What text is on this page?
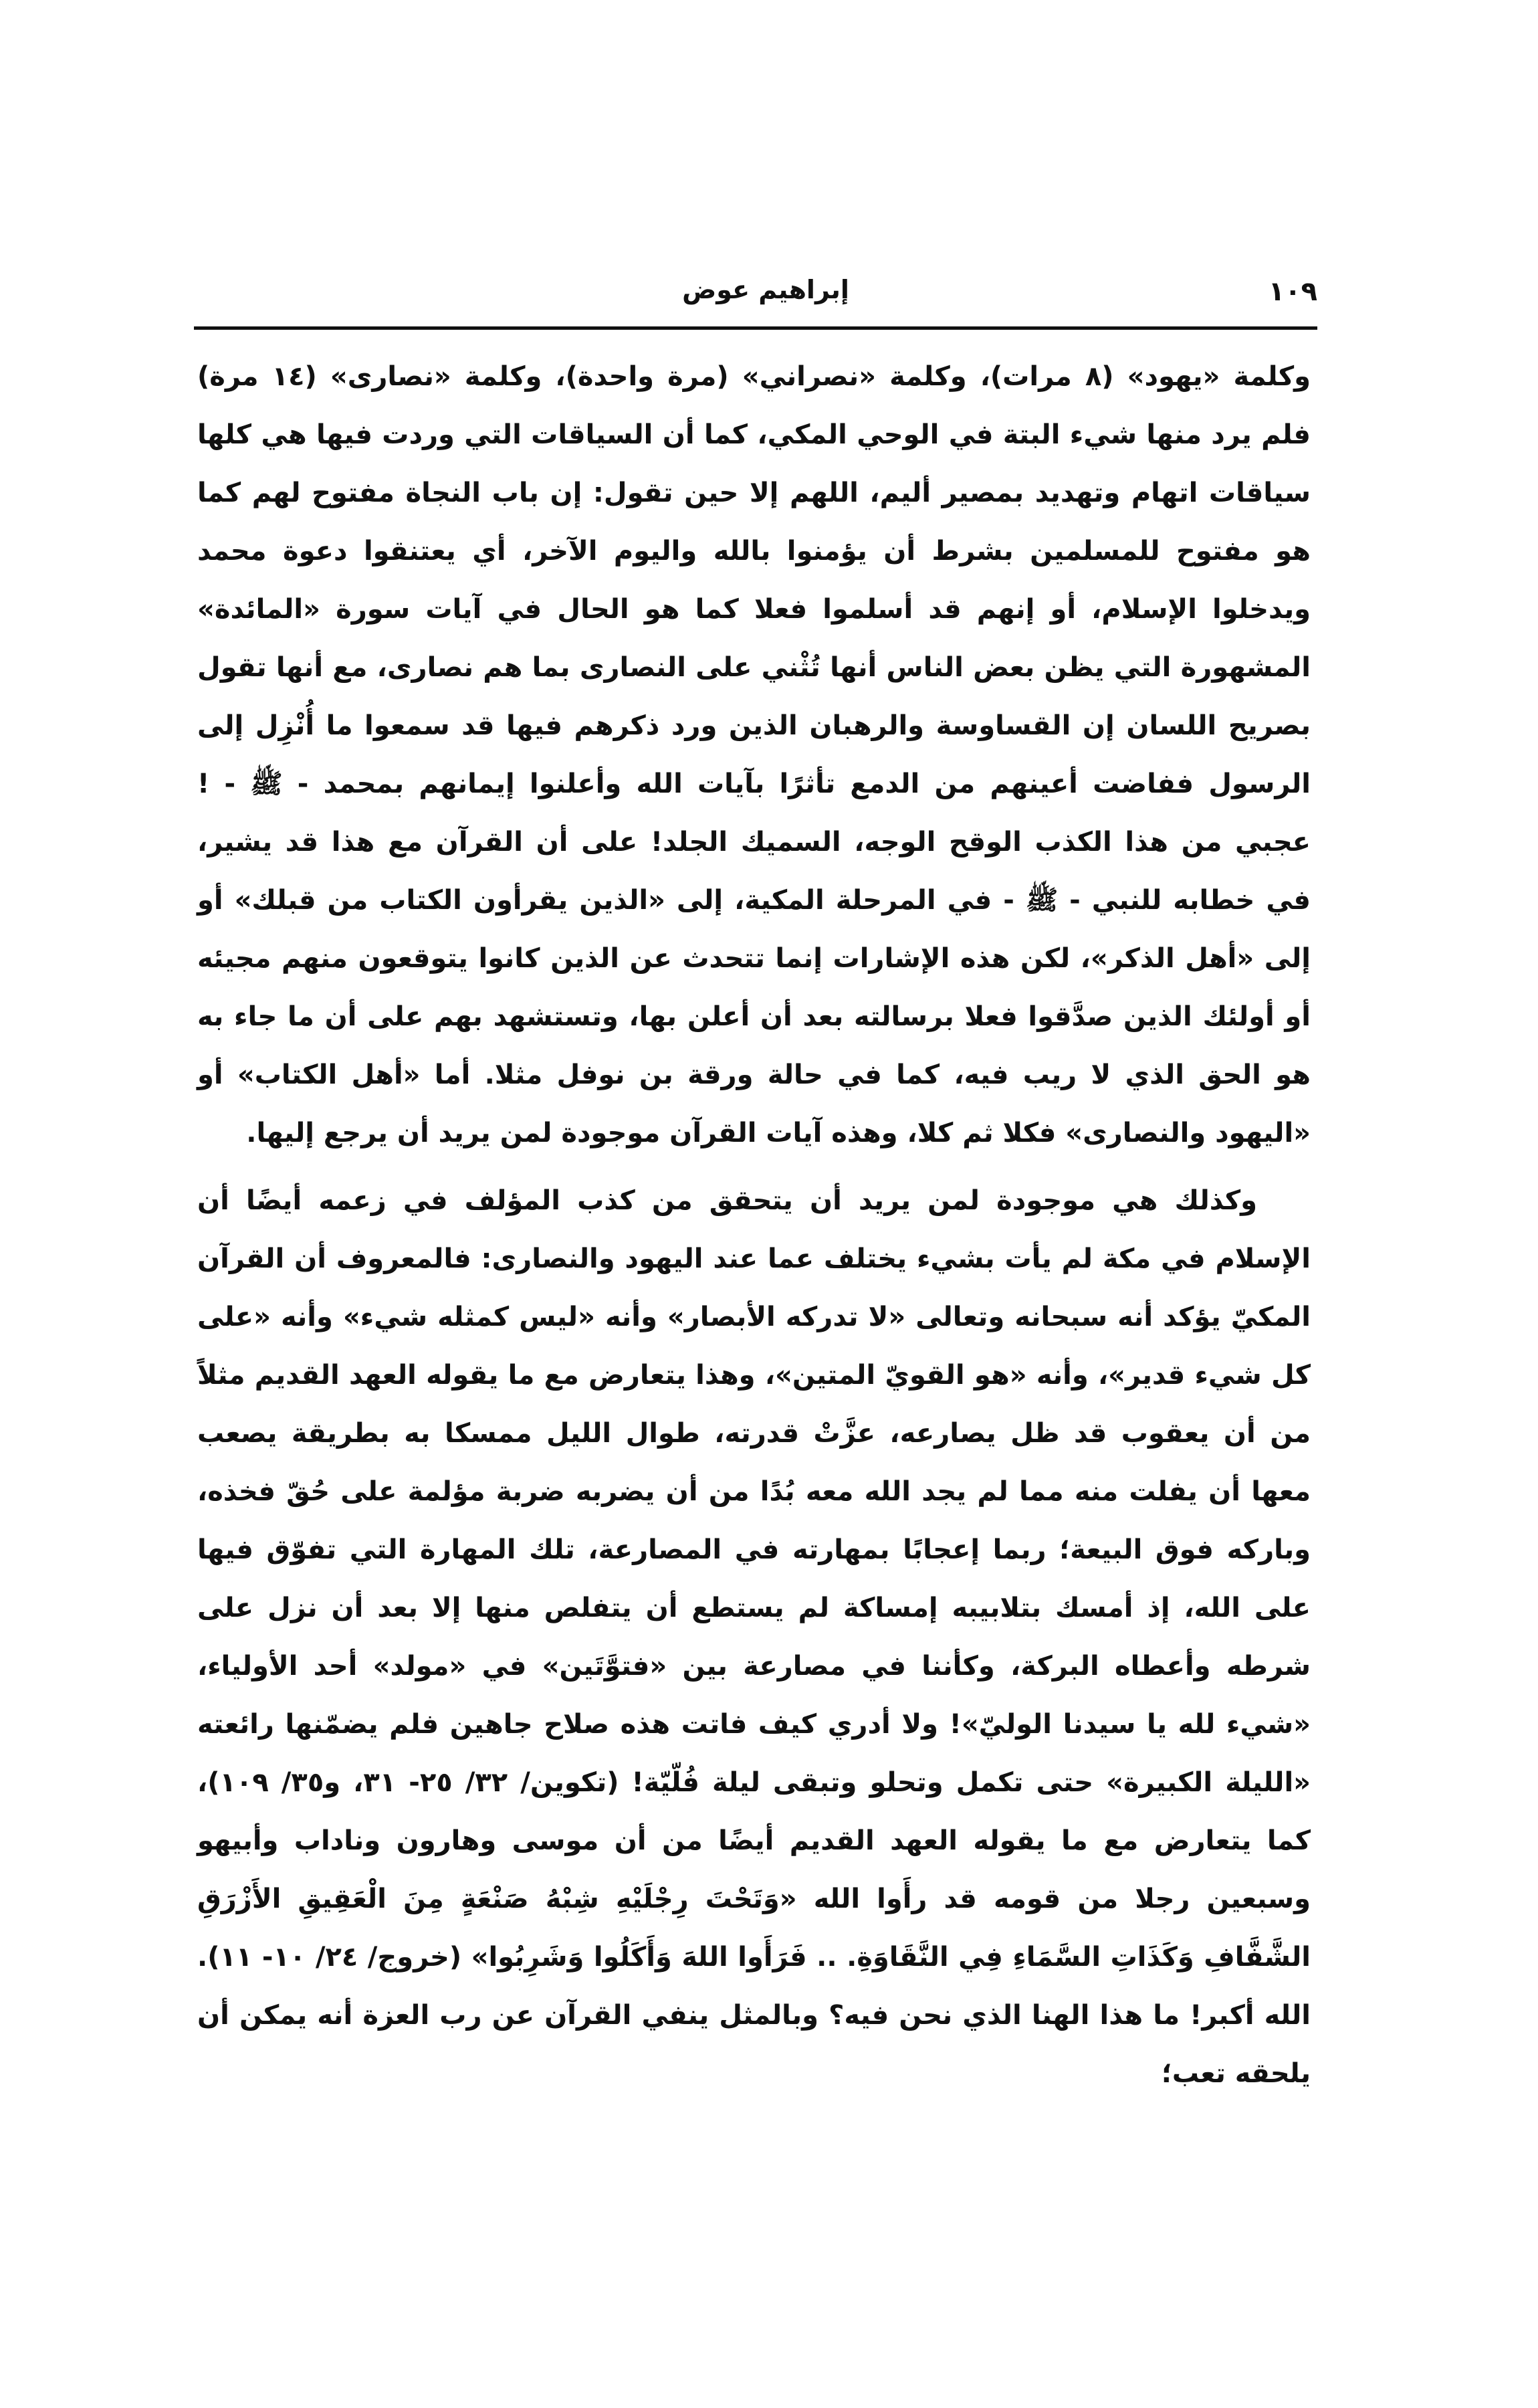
١٠٩
إبراهيم عوض

وكلمة «يهود» (٨ مرات)، وكلمة «نصراني» (مرة واحدة)، وكلمة «نصارى» (١٤ مرة) فلم يرد منها شيء البتة في الوحي المكي، كما أن السياقات التي وردت فيها هي كلها سياقات اتهام وتهديد بمصير أليم، اللهم إلا حين تقول: إن باب النجاة مفتوح لهم كما هو مفتوح للمسلمين بشرط أن يؤمنوا بالله واليوم الآخر، أي يعتنقوا دعوة محمد ويدخلوا الإسلام، أو إنهم قد أسلموا فعلا كما هو الحال في آيات سورة «المائدة» المشهورة التي يظن بعض الناس أنها تُثْني على النصارى بما هم نصارى، مع أنها تقول بصريح اللسان إن القساوسة والرهبان الذين ورد ذكرهم فيها قد سمعوا ما أُنْزِل إلى الرسول ففاضت أعينهم من الدمع تأثرًا بآيات الله وأعلنوا إيمانهم بمحمد - ﷺ - ! عجبي من هذا الكذب الوقح الوجه، السميك الجلد! على أن القرآن مع هذا قد يشير، في خطابه للنبي - ﷺ - في المرحلة المكية، إلى «الذين يقرأون الكتاب من قبلك» أو إلى «أهل الذكر»، لكن هذه الإشارات إنما تتحدث عن الذين كانوا يتوقعون منهم مجيئه أو أولئك الذين صدَّقوا فعلا برسالته بعد أن أعلن بها، وتستشهد بهم على أن ما جاء به هو الحق الذي لا ريب فيه، كما في حالة ورقة بن نوفل مثلا. أما «أهل الكتاب» أو «اليهود والنصارى» فكلا ثم كلا، وهذه آيات القرآن موجودة لمن يريد أن يرجع إليها.

وكذلك هي موجودة لمن يريد أن يتحقق من كذب المؤلف في زعمه أيضًا أن الإسلام في مكة لم يأت بشيء يختلف عما عند اليهود والنصارى: فالمعروف أن القرآن المكيّ يؤكد أنه سبحانه وتعالى «لا تدركه الأبصار» وأنه «ليس كمثله شيء» وأنه «على كل شيء قدير»، وأنه «هو القويّ المتين»، وهذا يتعارض مع ما يقوله العهد القديم مثلاً من أن يعقوب قد ظل يصارعه، عزَّتْ قدرته، طوال الليل ممسكا به بطريقة يصعب معها أن يفلت منه مما لم يجد الله معه بُدًا من أن يضربه ضربة مؤلمة على حُقّ فخذه، وباركه فوق البيعة؛ ربما إعجابًا بمهارته في المصارعة، تلك المهارة التي تفوّق فيها على الله، إذ أمسك بتلابيبه إمساكة لم يستطع أن يتفلص منها إلا بعد أن نزل على شرطه وأعطاه البركة، وكأننا في مصارعة بين «فتوَّتَين» في «مولد» أحد الأولياء، «شيء لله يا سيدنا الوليّ»! ولا أدري كيف فاتت هذه صلاح جاهين فلم يضمّنها رائعته «الليلة الكبيرة» حتى تكمل وتحلو وتبقى ليلة فُلّيّة! (تكوين/ ٣٢/ ٢٥- ٣١، و٣٥/ ١٠٩)، كما يتعارض مع ما يقوله العهد القديم أيضًا من أن موسى وهارون وناداب وأبيهو وسبعين رجلا من قومه قد رأَوا الله «وَتَحْتَ رِجْلَيْهِ شِبْهُ صَنْعَةٍ مِنَ الْعَقِيقِ الأَزْرَقِ الشَّفَّافِ وَكَذَاتِ السَّمَاءِ فِي النَّقَاوَةِ. .. فَرَأَوا اللهَ وَأَكَلُوا وَشَرِبُوا» (خروج/ ٢٤/ ١٠- ١١). الله أكبر! ما هذا الهنا الذي نحن فيه؟ وبالمثل ينفي القرآن عن رب العزة أنه يمكن أن يلحقه تعب؛
